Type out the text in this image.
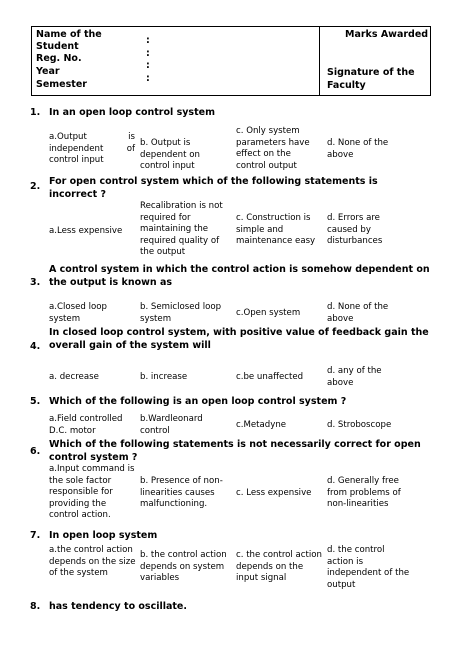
Name of the
Student
Reg. No.
Year
Semester
:
:
:
:
Marks Awarded
Signature of the
Faculty
1. In an open loop control system
a.Output is independent of control input
b. Output is dependent on control input
c. Only system parameters have effect on the control output
d. None of the above
2. For open control system which of the following statements is incorrect ?
a.Less expensive
Recalibration is not required for maintaining the required quality of the output
c. Construction is simple and maintenance easy
d. Errors are caused by disturbances
3.
A control system in which the control action is somehow dependent on the output is known as
a.Closed loop system
b. Semiclosed loop system
c.Open system
d. None of the above
4.
In closed loop control system, with positive value of feedback gain the overall gain of the system will
a. decrease	b. increase	c.be unaffected
d. any of the above
5. Which of the following is an open loop control system ?
a.Field controlled D.C. motor
b.Wardleonard control
c.Metadyne	d. Stroboscope
6.
Which of the following statements is not necessarily correct for open control system ?
a.Input command is the sole factor responsible for providing the control action.
b. Presence of non-linearities causes malfunctioning.
c. Less expensive
d. Generally free from problems of non-linearities
7. In open loop system
a.the control action depends on the size of the system
b. the control action depends on system variables
c. the control action depends on the input signal
d. the control action is independent of the output
8. has tendency to oscillate.
